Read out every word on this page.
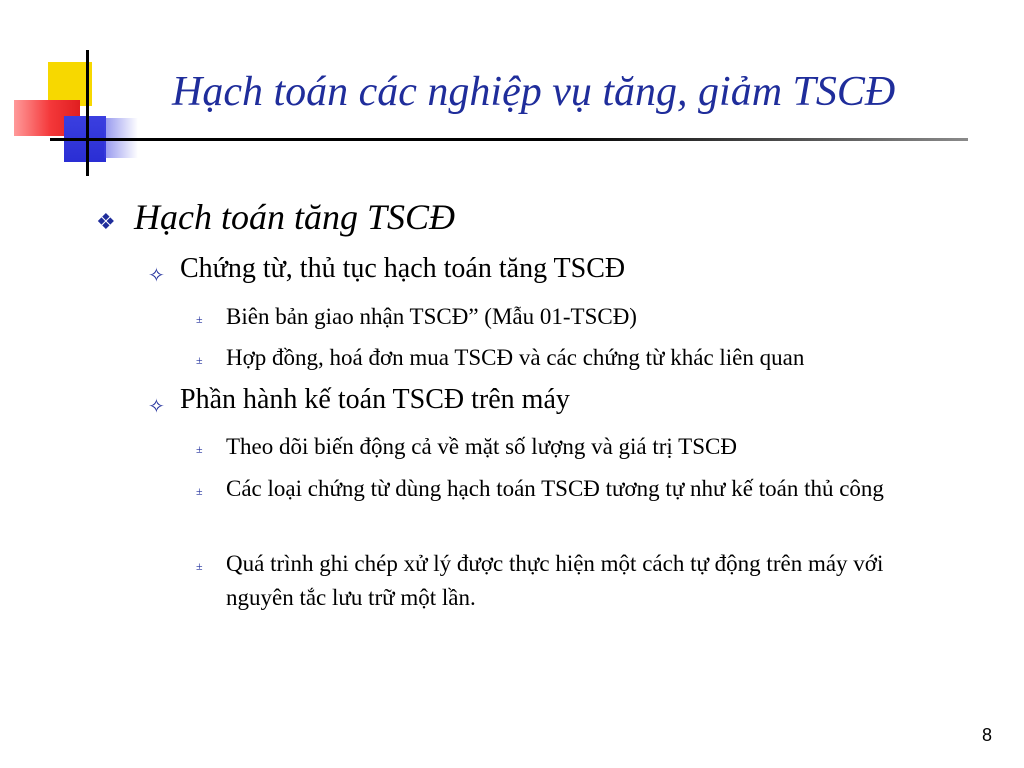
Hạch toán các nghiệp vụ tăng, giảm TSCĐ
❖ Hạch toán tăng TSCĐ
✧ Chứng từ, thủ tục hạch toán tăng TSCĐ
± Biên bản giao nhận TSCĐ” (Mẫu 01-TSCĐ)
± Hợp đồng, hoá đơn mua TSCĐ và các chứng từ khác liên quan
✧ Phần hành kế toán TSCĐ trên máy
± Theo dõi biến động cả về mặt số lượng và giá trị TSCĐ
± Các loại chứng từ dùng hạch toán TSCĐ tương tự như kế toán thủ công
± Quá trình ghi chép xử lý được thực hiện một cách tự động trên máy với nguyên tắc lưu trữ một lần.
8
